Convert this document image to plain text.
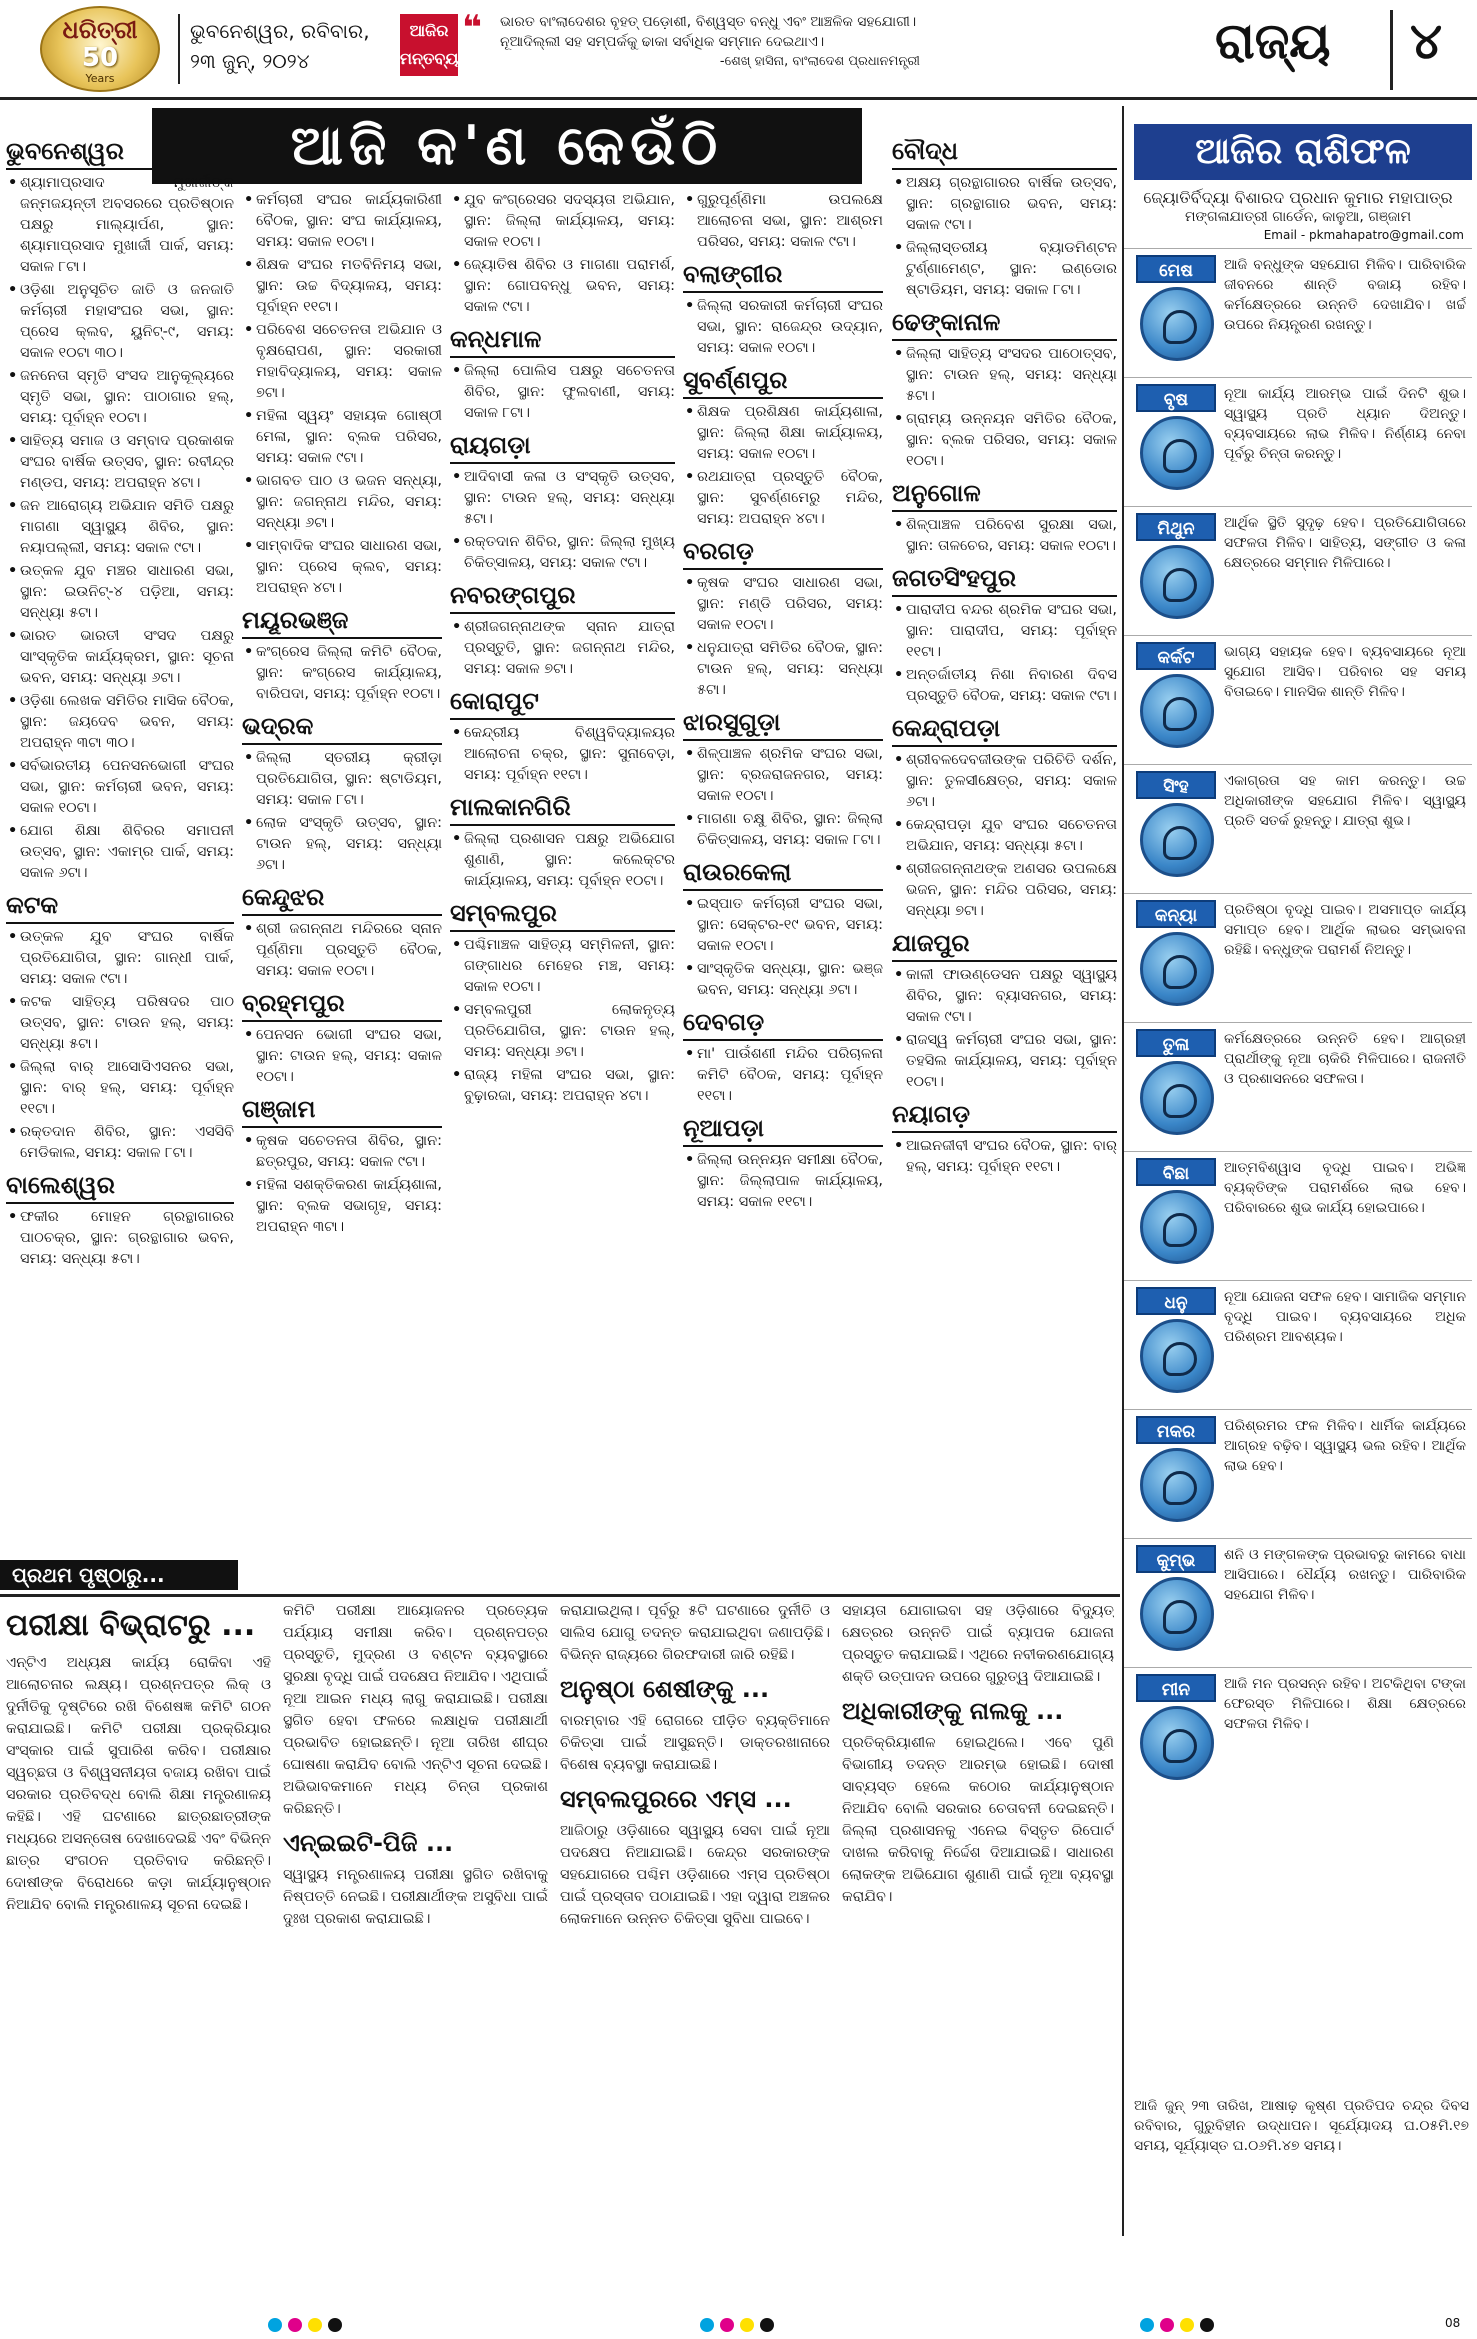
ଧରିତ୍ରୀ
50
Years
ଭୁବନେଶ୍ୱର, ରବିବାର,
୨୩ ଜୁନ୍‌, ୨୦୨୪
ଆଜିର
ମନ୍ତବ୍ୟ
❝ ଭାରତ ବାଂଲାଦେଶର ବୃହତ୍‌ ପଡ଼ୋଶୀ, ବିଶ୍ୱସ୍ତ ବନ୍ଧୁ ଏବଂ ଆଞ୍ଚଳିକ ସହଯୋଗୀ। ନୂଆଦିଲ୍ଲୀ ସହ ସମ୍ପର୍କକୁ ଢାକା ସର୍ବାଧିକ ସମ୍ମାନ ଦେଇଥାଏ।
-ଶେଖ୍‌ ହାସିନା, ବାଂଲାଦେଶ ପ୍ରଧାନମନ୍ତ୍ରୀ	ରାଜ୍ୟ ୪
ଆଜି କ'ଣ କେଉଁଠି
ଭୁବନେଶ୍ୱର
• ଶ୍ୟାମାପ୍ରସାଦ ମୁଖାର୍ଜୀଙ୍କ ଜନ୍ମଜୟନ୍ତୀ ଅବସରରେ ପ୍ରତିଷ୍ଠାନ ପକ୍ଷରୁ ମାଲ୍ୟାର୍ପଣ, ସ୍ଥାନ: ଶ୍ୟାମାପ୍ରସାଦ ମୁଖାର୍ଜୀ ପାର୍କ, ସମୟ: ସକାଳ ୮ଟା।
• ଓଡ଼ିଶା ଅନୁସୂଚିତ ଜାତି ଓ ଜନଜାତି କର୍ମଚାରୀ ମହାସଂଘର ସଭା, ସ୍ଥାନ: ପ୍ରେସ କ୍ଲବ, ୟୁନିଟ୍‌-୯, ସମୟ: ସକାଳ ୧୦ଟା ୩୦।
• ଜନନେତା ସ୍ମୃତି ସଂସଦ ଆନୁକୂଲ୍ୟରେ ସ୍ମୃତି ସଭା, ସ୍ଥାନ: ପାଠାଗାର ହଲ୍‌, ସମୟ: ପୂର୍ବାହ୍ନ ୧୦ଟା।
• ସାହିତ୍ୟ ସମାଜ ଓ ସମ୍ବାଦ ପ୍ରକାଶକ ସଂଘର ବାର୍ଷିକ ଉତ୍ସବ, ସ୍ଥାନ: ରବୀନ୍ଦ୍ର ମଣ୍ଡପ, ସମୟ: ଅପରାହ୍ନ ୪ଟା।
• ଜନ ଆରୋଗ୍ୟ ଅଭିଯାନ ସମିତି ପକ୍ଷରୁ ମାଗଣା ସ୍ୱାସ୍ଥ୍ୟ ଶିବିର, ସ୍ଥାନ: ନୟାପଲ୍ଲୀ, ସମୟ: ସକାଳ ୯ଟା।
• ଉତ୍କଳ ଯୁବ ମଞ୍ଚର ସାଧାରଣ ସଭା, ସ୍ଥାନ: ଇଉନିଟ୍‌-୪ ପଡ଼ିଆ, ସମୟ: ସନ୍ଧ୍ୟା ୫ଟା।
• ଭାରତ ଭାରତୀ ସଂସଦ ପକ୍ଷରୁ ସାଂସ୍କୃତିକ କାର୍ଯ୍ୟକ୍ରମ, ସ୍ଥାନ: ସୂଚନା ଭବନ, ସମୟ: ସନ୍ଧ୍ୟା ୬ଟା।
• ଓଡ଼ିଶା ଲେଖକ ସମିତିର ମାସିକ ବୈଠକ, ସ୍ଥାନ: ଜୟଦେବ ଭବନ, ସମୟ: ଅପରାହ୍ନ ୩ଟା ୩୦।
• ସର୍ବଭାରତୀୟ ପେନସନଭୋଗୀ ସଂଘର ସଭା, ସ୍ଥାନ: କର୍ମଚାରୀ ଭବନ, ସମୟ: ସକାଳ ୧୦ଟା।
• ଯୋଗ ଶିକ୍ଷା ଶିବିରର ସମାପନୀ ଉତ୍ସବ, ସ୍ଥାନ: ଏକାମ୍ର ପାର୍କ, ସମୟ: ସକାଳ ୬ଟା।
କଟକ
• ଉତ୍କଳ ଯୁବ ସଂଘର ବାର୍ଷିକ ପ୍ରତିଯୋଗିତା, ସ୍ଥାନ: ଗାନ୍ଧୀ ପାର୍କ, ସମୟ: ସକାଳ ୯ଟା।
• କଟକ ସାହିତ୍ୟ ପରିଷଦର ପାଠ ଉତ୍ସବ, ସ୍ଥାନ: ଟାଉନ ହଲ୍‌, ସମୟ: ସନ୍ଧ୍ୟା ୫ଟା।
• ଜିଲ୍ଲା ବାର୍‌ ଆସୋସିଏସନର ସଭା, ସ୍ଥାନ: ବାର୍‌ ହଲ୍‌, ସମୟ: ପୂର୍ବାହ୍ନ ୧୧ଟା।
• ରକ୍ତଦାନ ଶିବିର, ସ୍ଥାନ: ଏସସିବି ମେଡିକାଲ, ସମୟ: ସକାଳ ୮ଟା।
ବାଲେଶ୍ୱର
• ଫକୀର ମୋହନ ଗ୍ରନ୍ଥାଗାରର ପାଠଚକ୍ର, ସ୍ଥାନ: ଗ୍ରନ୍ଥାଗାର ଭବନ, ସମୟ: ସନ୍ଧ୍ୟା ୫ଟା।
• କର୍ମଚାରୀ ସଂଘର କାର୍ଯ୍ୟକାରିଣୀ ବୈଠକ, ସ୍ଥାନ: ସଂଘ କାର୍ଯ୍ୟାଳୟ, ସମୟ: ସକାଳ ୧୦ଟା।
• ଶିକ୍ଷକ ସଂଘର ମତବିନିମୟ ସଭା, ସ୍ଥାନ: ଉଚ୍ଚ ବିଦ୍ୟାଳୟ, ସମୟ: ପୂର୍ବାହ୍ନ ୧୧ଟା।
• ପରିବେଶ ସଚେତନତା ଅଭିଯାନ ଓ ବୃକ୍ଷରୋପଣ, ସ୍ଥାନ: ସରକାରୀ ମହାବିଦ୍ୟାଳୟ, ସମୟ: ସକାଳ ୭ଟା।
• ମହିଳା ସ୍ୱୟଂ ସହାୟକ ଗୋଷ୍ଠୀ ମେଳା, ସ୍ଥାନ: ବ୍ଲକ ପରିସର, ସମୟ: ସକାଳ ୯ଟା।
• ଭାଗବତ ପାଠ ଓ ଭଜନ ସନ୍ଧ୍ୟା, ସ୍ଥାନ: ଜଗନ୍ନାଥ ମନ୍ଦିର, ସମୟ: ସନ୍ଧ୍ୟା ୬ଟା।
• ସାମ୍ବାଦିକ ସଂଘର ସାଧାରଣ ସଭା, ସ୍ଥାନ: ପ୍ରେସ କ୍ଲବ, ସମୟ: ଅପରାହ୍ନ ୪ଟା।
ମୟୂରଭଞ୍ଜ
• କଂଗ୍ରେସ ଜିଲ୍ଲା କମିଟି ବୈଠକ, ସ୍ଥାନ: କଂଗ୍ରେସ କାର୍ଯ୍ୟାଳୟ, ବାରିପଦା, ସମୟ: ପୂର୍ବାହ୍ନ ୧୦ଟା।
ଭଦ୍ରକ
• ଜିଲ୍ଲା ସ୍ତରୀୟ କ୍ରୀଡ଼ା ପ୍ରତିଯୋଗିତା, ସ୍ଥାନ: ଷ୍ଟାଡିୟମ, ସମୟ: ସକାଳ ୮ଟା।
• ଲୋକ ସଂସ୍କୃତି ଉତ୍ସବ, ସ୍ଥାନ: ଟାଉନ ହଲ୍‌, ସମୟ: ସନ୍ଧ୍ୟା ୬ଟା।
କେନ୍ଦୁଝର
• ଶ୍ରୀ ଜଗନ୍ନାଥ ମନ୍ଦିରରେ ସ୍ନାନ ପୂର୍ଣ୍ଣିମା ପ୍ରସ୍ତୁତି ବୈଠକ, ସମୟ: ସକାଳ ୧୦ଟା।
ବ୍ରହ୍ମପୁର
• ପେନସନ ଭୋଗୀ ସଂଘର ସଭା, ସ୍ଥାନ: ଟାଉନ ହଲ୍‌, ସମୟ: ସକାଳ ୧୦ଟା।
ଗଞ୍ଜାମ
• କୃଷକ ସଚେତନତା ଶିବିର, ସ୍ଥାନ: ଛତ୍ରପୁର, ସମୟ: ସକାଳ ୯ଟା।
• ମହିଳା ସଶକ୍ତିକରଣ କାର୍ଯ୍ୟଶାଳା, ସ୍ଥାନ: ବ୍ଲକ ସଭାଗୃହ, ସମୟ: ଅପରାହ୍ନ ୩ଟା।
• ଯୁବ କଂଗ୍ରେସର ସଦସ୍ୟତା ଅଭିଯାନ, ସ୍ଥାନ: ଜିଲ୍ଲା କାର୍ଯ୍ୟାଳୟ, ସମୟ: ସକାଳ ୧୦ଟା।
• ଜ୍ୟୋତିଷ ଶିବିର ଓ ମାଗଣା ପରାମର୍ଶ, ସ୍ଥାନ: ଗୋପବନ୍ଧୁ ଭବନ, ସମୟ: ସକାଳ ୯ଟା।
କନ୍ଧମାଳ
• ଜିଲ୍ଲା ପୋଲିସ ପକ୍ଷରୁ ସଚେତନତା ଶିବିର, ସ୍ଥାନ: ଫୁଲବାଣୀ, ସମୟ: ସକାଳ ୮ଟା।
ରାୟଗଡ଼ା
• ଆଦିବାସୀ କଳା ଓ ସଂସ୍କୃତି ଉତ୍ସବ, ସ୍ଥାନ: ଟାଉନ ହଲ୍‌, ସମୟ: ସନ୍ଧ୍ୟା ୫ଟା।
• ରକ୍ତଦାନ ଶିବିର, ସ୍ଥାନ: ଜିଲ୍ଲା ମୁଖ୍ୟ ଚିକିତ୍ସାଳୟ, ସମୟ: ସକାଳ ୯ଟା।
ନବରଙ୍ଗପୁର
• ଶ୍ରୀଜଗନ୍ନାଥଙ୍କ ସ୍ନାନ ଯାତ୍ରା ପ୍ରସ୍ତୁତି, ସ୍ଥାନ: ଜଗନ୍ନାଥ ମନ୍ଦିର, ସମୟ: ସକାଳ ୭ଟା।
କୋରାପୁଟ
• କେନ୍ଦ୍ରୀୟ ବିଶ୍ୱବିଦ୍ୟାଳୟର ଆଲୋଚନା ଚକ୍ର, ସ୍ଥାନ: ସୁନାବେଡ଼ା, ସମୟ: ପୂର୍ବାହ୍ନ ୧୧ଟା।
ମାଲକାନଗିରି
• ଜିଲ୍ଲା ପ୍ରଶାସନ ପକ୍ଷରୁ ଅଭିଯୋଗ ଶୁଣାଣି, ସ୍ଥାନ: କଲେକ୍ଟର କାର୍ଯ୍ୟାଳୟ, ସମୟ: ପୂର୍ବାହ୍ନ ୧୦ଟା।
ସମ୍ବଲପୁର
• ପଶ୍ଚିମାଞ୍ଚଳ ସାହିତ୍ୟ ସମ୍ମିଳନୀ, ସ୍ଥାନ: ଗଙ୍ଗାଧର ମେହେର ମଞ୍ଚ, ସମୟ: ସକାଳ ୧୦ଟା।
• ସମ୍ବଲପୁରୀ ଲୋକନୃତ୍ୟ ପ୍ରତିଯୋଗିତା, ସ୍ଥାନ: ଟାଉନ ହଲ୍‌, ସମୟ: ସନ୍ଧ୍ୟା ୬ଟା।
• ରାଜ୍ୟ ମହିଳା ସଂଘର ସଭା, ସ୍ଥାନ: ବୁଢ଼ାରଜା, ସମୟ: ଅପରାହ୍ନ ୪ଟା।
• ଗୁରୁପୂର୍ଣ୍ଣିମା ଉପଲକ୍ଷେ ଆଲୋଚନା ସଭା, ସ୍ଥାନ: ଆଶ୍ରମ ପରିସର, ସମୟ: ସକାଳ ୯ଟା।
ବଲାଙ୍ଗୀର
• ଜିଲ୍ଲା ସରକାରୀ କର୍ମଚାରୀ ସଂଘର ସଭା, ସ୍ଥାନ: ରାଜେନ୍ଦ୍ର ଉଦ୍ୟାନ, ସମୟ: ସକାଳ ୧୦ଟା।
ସୁବର୍ଣ୍ଣପୁର
• ଶିକ୍ଷକ ପ୍ରଶିକ୍ଷଣ କାର୍ଯ୍ୟଶାଳା, ସ୍ଥାନ: ଜିଲ୍ଲା ଶିକ୍ଷା କାର୍ଯ୍ୟାଳୟ, ସମୟ: ସକାଳ ୧୦ଟା।
• ରଥଯାତ୍ରା ପ୍ରସ୍ତୁତି ବୈଠକ, ସ୍ଥାନ: ସୁବର୍ଣ୍ଣମେରୁ ମନ୍ଦିର, ସମୟ: ଅପରାହ୍ନ ୪ଟା।
ବରଗଡ଼
• କୃଷକ ସଂଘର ସାଧାରଣ ସଭା, ସ୍ଥାନ: ମଣ୍ଡି ପରିସର, ସମୟ: ସକାଳ ୧୦ଟା।
• ଧନୁଯାତ୍ରା ସମିତିର ବୈଠକ, ସ୍ଥାନ: ଟାଉନ ହଲ୍‌, ସମୟ: ସନ୍ଧ୍ୟା ୫ଟା।
ଝାରସୁଗୁଡ଼ା
• ଶିଳ୍ପାଞ୍ଚଳ ଶ୍ରମିକ ସଂଘର ସଭା, ସ୍ଥାନ: ବ୍ରଜରାଜନଗର, ସମୟ: ସକାଳ ୧୦ଟା।
• ମାଗଣା ଚକ୍ଷୁ ଶିବିର, ସ୍ଥାନ: ଜିଲ୍ଲା ଚିକିତ୍ସାଳୟ, ସମୟ: ସକାଳ ୮ଟା।
ରାଉରକେଲା
• ଇସ୍ପାତ କର୍ମଚାରୀ ସଂଘର ସଭା, ସ୍ଥାନ: ସେକ୍ଟର-୧୯ ଭବନ, ସମୟ: ସକାଳ ୧୦ଟା।
• ସାଂସ୍କୃତିକ ସନ୍ଧ୍ୟା, ସ୍ଥାନ: ଭଞ୍ଜ ଭବନ, ସମୟ: ସନ୍ଧ୍ୟା ୬ଟା।
ଦେବଗଡ଼
• ମା' ପାଉଁଶଣୀ ମନ୍ଦିର ପରିଚାଳନା କମିଟି ବୈଠକ, ସମୟ: ପୂର୍ବାହ୍ନ ୧୧ଟା।
ନୂଆପଡ଼ା
• ଜିଲ୍ଲା ଉନ୍ନୟନ ସମୀକ୍ଷା ବୈଠକ, ସ୍ଥାନ: ଜିଲ୍ଲାପାଳ କାର୍ଯ୍ୟାଳୟ, ସମୟ: ସକାଳ ୧୧ଟା।
ବୌଦ୍ଧ
• ଅକ୍ଷୟ ଗ୍ରନ୍ଥାଗାରର ବାର୍ଷିକ ଉତ୍ସବ, ସ୍ଥାନ: ଗ୍ରନ୍ଥାଗାର ଭବନ, ସମୟ: ସକାଳ ୯ଟା।
• ଜିଲ୍ଲାସ୍ତରୀୟ ବ୍ୟାଡମିଣ୍ଟନ ଟୁର୍ଣ୍ଣାମେଣ୍ଟ, ସ୍ଥାନ: ଇଣ୍ଡୋର ଷ୍ଟାଡିୟମ, ସମୟ: ସକାଳ ୮ଟା।
ଢେଙ୍କାନାଳ
• ଜିଲ୍ଲା ସାହିତ୍ୟ ସଂସଦର ପାଠୋତ୍ସବ, ସ୍ଥାନ: ଟାଉନ ହଲ୍‌, ସମୟ: ସନ୍ଧ୍ୟା ୫ଟା।
• ଗ୍ରାମ୍ୟ ଉନ୍ନୟନ ସମିତିର ବୈଠକ, ସ୍ଥାନ: ବ୍ଲକ ପରିସର, ସମୟ: ସକାଳ ୧୦ଟା।
ଅନୁଗୋଳ
• ଶିଳ୍ପାଞ୍ଚଳ ପରିବେଶ ସୁରକ୍ଷା ସଭା, ସ୍ଥାନ: ତାଳଚେର, ସମୟ: ସକାଳ ୧୦ଟା।
ଜଗତସିଂହପୁର
• ପାରାଦୀପ ବନ୍ଦର ଶ୍ରମିକ ସଂଘର ସଭା, ସ୍ଥାନ: ପାରାଦୀପ, ସମୟ: ପୂର୍ବାହ୍ନ ୧୧ଟା।
• ଅନ୍ତର୍ଜାତୀୟ ନିଶା ନିବାରଣ ଦିବସ ପ୍ରସ୍ତୁତି ବୈଠକ, ସମୟ: ସକାଳ ୯ଟା।
କେନ୍ଦ୍ରାପଡ଼ା
• ଶ୍ରୀବଳଦେବଜୀଉଙ୍କ ପରିଚିତି ଦର୍ଶନ, ସ୍ଥାନ: ତୁଳସୀକ୍ଷେତ୍ର, ସମୟ: ସକାଳ ୬ଟା।
• କେନ୍ଦ୍ରାପଡ଼ା ଯୁବ ସଂଘର ସଚେତନତା ଅଭିଯାନ, ସମୟ: ସନ୍ଧ୍ୟା ୫ଟା।
• ଶ୍ରୀଜଗନ୍ନାଥଙ୍କ ଅଣସର ଉପଲକ୍ଷେ ଭଜନ, ସ୍ଥାନ: ମନ୍ଦିର ପରିସର, ସମୟ: ସନ୍ଧ୍ୟା ୭ଟା।
ଯାଜପୁର
• କାଳୀ ଫାଉଣ୍ଡେସନ ପକ୍ଷରୁ ସ୍ୱାସ୍ଥ୍ୟ ଶିବିର, ସ୍ଥାନ: ବ୍ୟାସନଗର, ସମୟ: ସକାଳ ୯ଟା।
• ରାଜସ୍ୱ କର୍ମଚାରୀ ସଂଘର ସଭା, ସ୍ଥାନ: ତହସିଲ କାର୍ଯ୍ୟାଳୟ, ସମୟ: ପୂର୍ବାହ୍ନ ୧୦ଟା।
ନୟାଗଡ଼
• ଆଇନଜୀବୀ ସଂଘର ବୈଠକ, ସ୍ଥାନ: ବାର୍‌ ହଲ୍‌, ସମୟ: ପୂର୍ବାହ୍ନ ୧୧ଟା।
ଆଜିର ରାଶିଫଳ
ଜ୍ୟୋତିର୍ବିଦ୍ୟା ବିଶାରଦ ପ୍ରଧାନ କୁମାର ମହାପାତ୍ର
ମଙ୍ଗଳାଯାତ୍ରୀ ଗାର୍ଡେନ, କାଳୁଆ, ଗଞ୍ଜାମ
Email - pkmahapatro@gmail.com
ମେଷ	ଆଜି ବନ୍ଧୁଙ୍କ ସହଯୋଗ ମିଳିବ। ପାରିବାରିକ ଜୀବନରେ ଶାନ୍ତି ବଜାୟ ରହିବ। କର୍ମକ୍ଷେତ୍ରରେ ଉନ୍ନତି ଦେଖାଯିବ। ଖର୍ଚ୍ଚ ଉପରେ ନିୟନ୍ତ୍ରଣ ରଖନ୍ତୁ।
ବୃଷ	ନୂଆ କାର୍ଯ୍ୟ ଆରମ୍ଭ ପାଇଁ ଦିନଟି ଶୁଭ। ସ୍ୱାସ୍ଥ୍ୟ ପ୍ରତି ଧ୍ୟାନ ଦିଅନ୍ତୁ। ବ୍ୟବସାୟରେ ଲାଭ ମିଳିବ। ନିର୍ଣ୍ଣୟ ନେବା ପୂର୍ବରୁ ଚିନ୍ତା କରନ୍ତୁ।
ମିଥୁନ	ଆର୍ଥିକ ସ୍ଥିତି ସୁଦୃଢ଼ ହେବ। ପ୍ରତିଯୋଗିତାରେ ସଫଳତା ମିଳିବ। ସାହିତ୍ୟ, ସଙ୍ଗୀତ ଓ କଳା କ୍ଷେତ୍ରରେ ସମ୍ମାନ ମିଳିପାରେ।
କର୍କଟ	ଭାଗ୍ୟ ସହାୟକ ହେବ। ବ୍ୟବସାୟରେ ନୂଆ ସୁଯୋଗ ଆସିବ। ପରିବାର ସହ ସମୟ ବିତାଇବେ। ମାନସିକ ଶାନ୍ତି ମିଳିବ।
ସିଂହ	ଏକାଗ୍ରତା ସହ କାମ କରନ୍ତୁ। ଉଚ୍ଚ ଅଧିକାରୀଙ୍କ ସହଯୋଗ ମିଳିବ। ସ୍ୱାସ୍ଥ୍ୟ ପ୍ରତି ସତର୍କ ରୁହନ୍ତୁ। ଯାତ୍ରା ଶୁଭ।
କନ୍ୟା	ପ୍ରତିଷ୍ଠା ବୃଦ୍ଧି ପାଇବ। ଅସମାପ୍ତ କାର୍ଯ୍ୟ ସମାପ୍ତ ହେବ। ଆର୍ଥିକ ଲାଭର ସମ୍ଭାବନା ରହିଛି। ବନ୍ଧୁଙ୍କ ପରାମର୍ଶ ନିଅନ୍ତୁ।
ତୁଳା	କର୍ମକ୍ଷେତ୍ରରେ ଉନ୍ନତି ହେବ। ଆଗ୍ରହୀ ପ୍ରାର୍ଥୀଙ୍କୁ ନୂଆ ଚାକିରି ମିଳିପାରେ। ରାଜନୀତି ଓ ପ୍ରଶାସନରେ ସଫଳତା।
ବିଛା	ଆତ୍ମବିଶ୍ୱାସ ବୃଦ୍ଧି ପାଇବ। ଅଭିଜ୍ଞ ବ୍ୟକ୍ତିଙ୍କ ପରାମର୍ଶରେ ଲାଭ ହେବ। ପରିବାରରେ ଶୁଭ କାର୍ଯ୍ୟ ହୋଇପାରେ।
ଧନୁ	ନୂଆ ଯୋଜନା ସଫଳ ହେବ। ସାମାଜିକ ସମ୍ମାନ ବୃଦ୍ଧି ପାଇବ। ବ୍ୟବସାୟରେ ଅଧିକ ପରିଶ୍ରମ ଆବଶ୍ୟକ।
ମକର	ପରିଶ୍ରମର ଫଳ ମିଳିବ। ଧାର୍ମିକ କାର୍ଯ୍ୟରେ ଆଗ୍ରହ ବଢ଼ିବ। ସ୍ୱାସ୍ଥ୍ୟ ଭଲ ରହିବ। ଆର୍ଥିକ ଲାଭ ହେବ।
କୁମ୍ଭ	ଶନି ଓ ମଙ୍ଗଳଙ୍କ ପ୍ରଭାବରୁ କାମରେ ବାଧା ଆସିପାରେ। ଧୈର୍ଯ୍ୟ ରଖନ୍ତୁ। ପାରିବାରିକ ସହଯୋଗ ମିଳିବ।
ମୀନ	ଆଜି ମନ ପ୍ରସନ୍ନ ରହିବ। ଅଟକିଥିବା ଟଙ୍କା ଫେରସ୍ତ ମିଳିପାରେ। ଶିକ୍ଷା କ୍ଷେତ୍ରରେ ସଫଳତା ମିଳିବ।
ଆଜି ଜୁନ୍‌ ୨୩ ତାରିଖ, ଆଷାଢ଼ କୃଷ୍ଣ ପ୍ରତିପଦ ଚନ୍ଦ୍ର ଦିବସ ରବିବାର, ଗୁରୁବିହୀନ ଉଦ୍ଧାପନ। ସୂର୍ଯ୍ୟୋଦୟ ଘ.୦୫ମି.୧୭ ସମୟ, ସୂର୍ଯ୍ୟାସ୍ତ ଘ.୦୬ମି.୪୭ ସମୟ।
ପ୍ରଥମ ପୃଷ୍ଠାରୁ...
ପରୀକ୍ଷା ବିଭ୍ରାଟରୁ ...
ଏନ୍‌ଟିଏ ଅଧ୍ୟକ୍ଷ କାର୍ଯ୍ୟ ରୋକିବା ଏହି ଆଲୋଚନାର ଲକ୍ଷ୍ୟ। ପ୍ରଶ୍ନପତ୍ର ଲିକ୍‌ ଓ ଦୁର୍ନୀତିକୁ ଦୃଷ୍ଟିରେ ରଖି ବିଶେଷଜ୍ଞ କମିଟି ଗଠନ କରାଯାଇଛି। କମିଟି ପରୀକ୍ଷା ପ୍ରକ୍ରିୟାର ସଂସ୍କାର ପାଇଁ ସୁପାରିଶ କରିବ। ପରୀକ୍ଷାର ସ୍ୱଚ୍ଛତା ଓ ବିଶ୍ୱସନୀୟତା ବଜାୟ ରଖିବା ପାଇଁ ସରକାର ପ୍ରତିବଦ୍ଧ ବୋଲି ଶିକ୍ଷା ମନ୍ତ୍ରଣାଳୟ କହିଛି। ଏହି ଘଟଣାରେ ଛାତ୍ରଛାତ୍ରୀଙ୍କ ମଧ୍ୟରେ ଅସନ୍ତୋଷ ଦେଖାଦେଇଛି ଏବଂ ବିଭିନ୍ନ ଛାତ୍ର ସଂଗଠନ ପ୍ରତିବାଦ କରିଛନ୍ତି। ଦୋଷୀଙ୍କ ବିରୋଧରେ କଡ଼ା କାର୍ଯ୍ୟାନୁଷ୍ଠାନ ନିଆଯିବ ବୋଲି ମନ୍ତ୍ରଣାଳୟ ସୂଚନା ଦେଇଛି।
କମିଟି ପରୀକ୍ଷା ଆୟୋଜନର ପ୍ରତ୍ୟେକ ପର୍ଯ୍ୟାୟ ସମୀକ୍ଷା କରିବ। ପ୍ରଶ୍ନପତ୍ର ପ୍ରସ୍ତୁତି, ମୁଦ୍ରଣ ଓ ବଣ୍ଟନ ବ୍ୟବସ୍ଥାରେ ସୁରକ୍ଷା ବୃଦ୍ଧି ପାଇଁ ପଦକ୍ଷେପ ନିଆଯିବ। ଏଥିପାଇଁ ନୂଆ ଆଇନ ମଧ୍ୟ ଲାଗୁ କରାଯାଇଛି। ପରୀକ୍ଷା ସ୍ଥଗିତ ହେବା ଫଳରେ ଲକ୍ଷାଧିକ ପରୀକ୍ଷାର୍ଥୀ ପ୍ରଭାବିତ ହୋଇଛନ୍ତି। ନୂଆ ତାରିଖ ଶୀଘ୍ର ଘୋଷଣା କରାଯିବ ବୋଲି ଏନ୍‌ଟିଏ ସୂଚନା ଦେଇଛି। ଅଭିଭାବକମାନେ ମଧ୍ୟ ଚିନ୍ତା ପ୍ରକାଶ କରିଛନ୍ତି।
ଏନ୍‌ଇଇଟି-ପିଜି ...
ସ୍ୱାସ୍ଥ୍ୟ ମନ୍ତ୍ରଣାଳୟ ପରୀକ୍ଷା ସ୍ଥଗିତ ରଖିବାକୁ ନିଷ୍ପତ୍ତି ନେଇଛି। ପରୀକ୍ଷାର୍ଥୀଙ୍କ ଅସୁବିଧା ପାଇଁ ଦୁଃଖ ପ୍ରକାଶ କରାଯାଇଛି।
କରାଯାଇଥିଲା। ପୂର୍ବରୁ ୫ଟି ଘଟଣାରେ ଦୁର୍ନୀତି ଓ ସାଲିସ ଯୋଗୁ ତଦନ୍ତ କରାଯାଇଥିବା ଜଣାପଡ଼ିଛି। ବିଭିନ୍ନ ରାଜ୍ୟରେ ଗିରଫଦାରୀ ଜାରି ରହିଛି।
ଅନୁଷ୍ଠା ଶେଷୀଙ୍କୁ ...
ବାରମ୍ବାର ଏହି ରୋଗରେ ପୀଡ଼ିତ ବ୍ୟକ୍ତିମାନେ ଚିକିତ୍ସା ପାଇଁ ଆସୁଛନ୍ତି। ଡାକ୍ତରଖାନାରେ ବିଶେଷ ବ୍ୟବସ୍ଥା କରାଯାଇଛି।
ସମ୍ବଲପୁରରେ ଏମ୍ସ ...
ଆଜିଠାରୁ ଓଡ଼ିଶାରେ ସ୍ୱାସ୍ଥ୍ୟ ସେବା ପାଇଁ ନୂଆ ପଦକ୍ଷେପ ନିଆଯାଇଛି। କେନ୍ଦ୍ର ସରକାରଙ୍କ ସହଯୋଗରେ ପଶ୍ଚିମ ଓଡ଼ିଶାରେ ଏମ୍ସ ପ୍ରତିଷ୍ଠା ପାଇଁ ପ୍ରସ୍ତାବ ପଠାଯାଇଛି। ଏହା ଦ୍ୱାରା ଅଞ୍ଚଳର ଲୋକମାନେ ଉନ୍ନତ ଚିକିତ୍ସା ସୁବିଧା ପାଇବେ।
ସହାୟତା ଯୋଗାଇବା ସହ ଓଡ଼ିଶାରେ ବିଦ୍ୟୁତ୍‌ କ୍ଷେତ୍ରର ଉନ୍ନତି ପାଇଁ ବ୍ୟାପକ ଯୋଜନା ପ୍ରସ୍ତୁତ କରାଯାଇଛି। ଏଥିରେ ନବୀକରଣଯୋଗ୍ୟ ଶକ୍ତି ଉତ୍ପାଦନ ଉପରେ ଗୁରୁତ୍ୱ ଦିଆଯାଇଛି।
ଅଧିକାରୀଙ୍କୁ ନାଲକୁ ...
ପ୍ରତିକ୍ରିୟାଶୀଳ ହୋଇଥିଲେ। ଏବେ ପୁଣି ବିଭାଗୀୟ ତଦନ୍ତ ଆରମ୍ଭ ହୋଇଛି। ଦୋଷୀ ସାବ୍ୟସ୍ତ ହେଲେ କଠୋର କାର୍ଯ୍ୟାନୁଷ୍ଠାନ ନିଆଯିବ ବୋଲି ସରକାର ଚେତାବନୀ ଦେଇଛନ୍ତି। ଜିଲ୍ଲା ପ୍ରଶାସନକୁ ଏନେଇ ବିସ୍ତୃତ ରିପୋର୍ଟ ଦାଖଲ କରିବାକୁ ନିର୍ଦ୍ଦେଶ ଦିଆଯାଇଛି। ସାଧାରଣ ଲୋକଙ୍କ ଅଭିଯୋଗ ଶୁଣାଣି ପାଇଁ ନୂଆ ବ୍ୟବସ୍ଥା କରାଯିବ।
08
